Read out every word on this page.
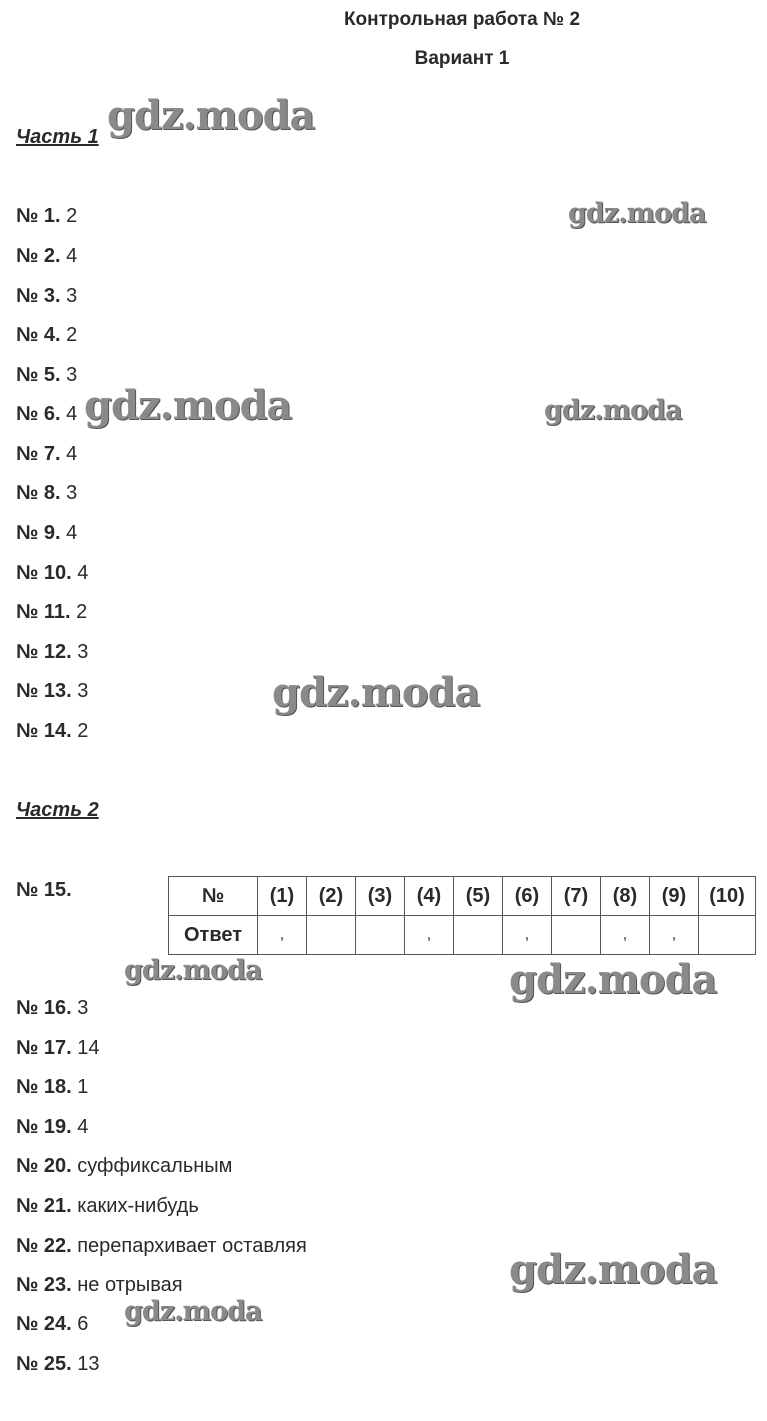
Контрольная работа № 2
Вариант 1
Часть 1
№ 1. 2
№ 2. 4
№ 3. 3
№ 4. 2
№ 5. 3
№ 6. 4
№ 7. 4
№ 8. 3
№ 9. 4
№ 10. 4
№ 11. 2
№ 12. 3
№ 13. 3
№ 14. 2
Часть 2
№ 15.	№	(1)	(2)	(3)	(4)	(5)	(6)	(7)	(8)	(9)	(10)
Ответ	,			,		,		,	,	
№ 16. 3
№ 17. 14
№ 18. 1
№ 19. 4
№ 20. суффиксальным
№ 21. каких-нибудь
№ 22. перепархивает оставляя
№ 23. не отрывая
№ 24. 6
№ 25. 13
gdz.moda
gdz.moda
gdz.moda	gdz.moda
gdz.moda
gdz.moda	gdz.moda
gdz.moda
gdz.moda
